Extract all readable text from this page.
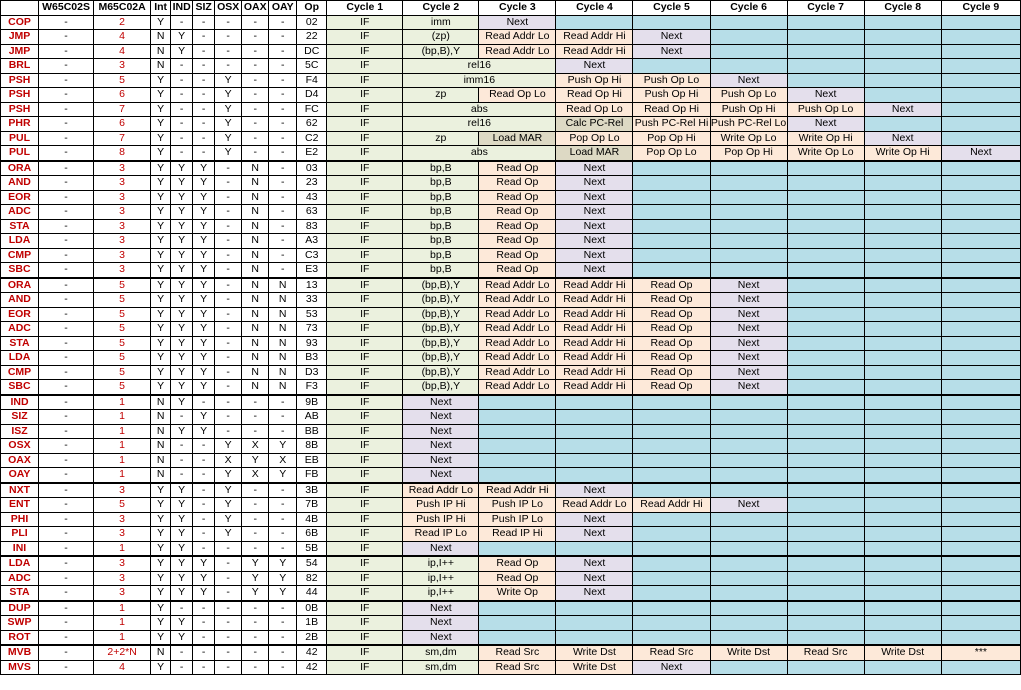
	W65C02S	M65C02A	Int	IND	SIZ	OSX	OAX	OAY	Op	Cycle 1	Cycle 2	Cycle 3	Cycle 4	Cycle 5	Cycle 6	Cycle 7	Cycle 8	Cycle 9
COP	-	2	Y	-	-	-	-	-	02	IF	imm	Next						
JMP	-	4	N	Y	-	-	-	-	22	IF	(zp)	Read Addr Lo	Read Addr Hi	Next				
JMP	-	4	N	Y	-	-	-	-	DC	IF	(bp,B),Y	Read Addr Lo	Read Addr Hi	Next				
BRL	-	3	N	-	-	-	-	-	5C	IF	rel16		Next					
PSH	-	5	Y	-	-	Y	-	-	F4	IF	imm16		Push Op Hi	Push Op Lo	Next			
PSH	-	6	Y	-	-	Y	-	-	D4	IF	zp	Read Op Lo	Read Op Hi	Push Op Hi	Push Op Lo	Next		
PSH	-	7	Y	-	-	Y	-	-	FC	IF	abs		Read Op Lo	Read Op Hi	Push Op Hi	Push Op Lo	Next	
PHR	-	6	Y	-	-	Y	-	-	62	IF	rel16		Calc PC-Rel	Push PC-Rel Hi	Push PC-Rel Lo	Next		
PUL	-	7	Y	-	-	Y	-	-	C2	IF	zp	Load MAR	Pop Op Lo	Pop Op Hi	Write Op Lo	Write Op Hi	Next	
PUL	-	8	Y	-	-	Y	-	-	E2	IF	abs		Load MAR	Pop Op Lo	Pop Op Hi	Write Op Lo	Write Op Hi	Next
ORA	-	3	Y	Y	Y	-	N	-	03	IF	bp,B	Read Op	Next					
AND	-	3	Y	Y	Y	-	N	-	23	IF	bp,B	Read Op	Next					
EOR	-	3	Y	Y	Y	-	N	-	43	IF	bp,B	Read Op	Next					
ADC	-	3	Y	Y	Y	-	N	-	63	IF	bp,B	Read Op	Next					
STA	-	3	Y	Y	Y	-	N	-	83	IF	bp,B	Read Op	Next					
LDA	-	3	Y	Y	Y	-	N	-	A3	IF	bp,B	Read Op	Next					
CMP	-	3	Y	Y	Y	-	N	-	C3	IF	bp,B	Read Op	Next					
SBC	-	3	Y	Y	Y	-	N	-	E3	IF	bp,B	Read Op	Next					
ORA	-	5	Y	Y	Y	-	N	N	13	IF	(bp,B),Y	Read Addr Lo	Read Addr Hi	Read Op	Next			
AND	-	5	Y	Y	Y	-	N	N	33	IF	(bp,B),Y	Read Addr Lo	Read Addr Hi	Read Op	Next			
EOR	-	5	Y	Y	Y	-	N	N	53	IF	(bp,B),Y	Read Addr Lo	Read Addr Hi	Read Op	Next			
ADC	-	5	Y	Y	Y	-	N	N	73	IF	(bp,B),Y	Read Addr Lo	Read Addr Hi	Read Op	Next			
STA	-	5	Y	Y	Y	-	N	N	93	IF	(bp,B),Y	Read Addr Lo	Read Addr Hi	Read Op	Next			
LDA	-	5	Y	Y	Y	-	N	N	B3	IF	(bp,B),Y	Read Addr Lo	Read Addr Hi	Read Op	Next			
CMP	-	5	Y	Y	Y	-	N	N	D3	IF	(bp,B),Y	Read Addr Lo	Read Addr Hi	Read Op	Next			
SBC	-	5	Y	Y	Y	-	N	N	F3	IF	(bp,B),Y	Read Addr Lo	Read Addr Hi	Read Op	Next			
IND	-	1	N	Y	-	-	-	-	9B	IF	Next							
SIZ	-	1	N	-	Y	-	-	-	AB	IF	Next							
ISZ	-	1	N	Y	Y	-	-	-	BB	IF	Next							
OSX	-	1	N	-	-	Y	X	Y	8B	IF	Next							
OAX	-	1	N	-	-	X	Y	X	EB	IF	Next							
OAY	-	1	N	-	-	Y	X	Y	FB	IF	Next							
NXT	-	3	Y	Y	-	Y	-	-	3B	IF	Read Addr Lo	Read Addr Hi	Next					
ENT	-	5	Y	Y	-	Y	-	-	7B	IF	Push IP Hi	Push IP Lo	Read Addr Lo	Read Addr Hi	Next			
PHI	-	3	Y	Y	-	Y	-	-	4B	IF	Push IP Hi	Push IP Lo	Next					
PLI	-	3	Y	Y	-	Y	-	-	6B	IF	Read IP Lo	Read IP Hi	Next					
INI	-	1	Y	Y	-	-	-	-	5B	IF	Next							
LDA	-	3	Y	Y	Y	-	Y	Y	54	IF	ip,I++	Read Op	Next					
ADC	-	3	Y	Y	Y	-	Y	Y	82	IF	ip,I++	Read Op	Next					
STA	-	3	Y	Y	Y	-	Y	Y	44	IF	ip,I++	Write Op	Next					
DUP	-	1	Y	-	-	-	-	-	0B	IF	Next							
SWP	-	1	Y	Y	-	-	-	-	1B	IF	Next							
ROT	-	1	Y	Y	-	-	-	-	2B	IF	Next							
MVB	-	2+2*N	N	-	-	-	-	-	42	IF	sm,dm	Read Src	Write Dst	Read Src	Write Dst	Read Src	Write Dst	***
MVS	-	4	Y	-	-	-	-	-	42	IF	sm,dm	Read Src	Write Dst	Next				
